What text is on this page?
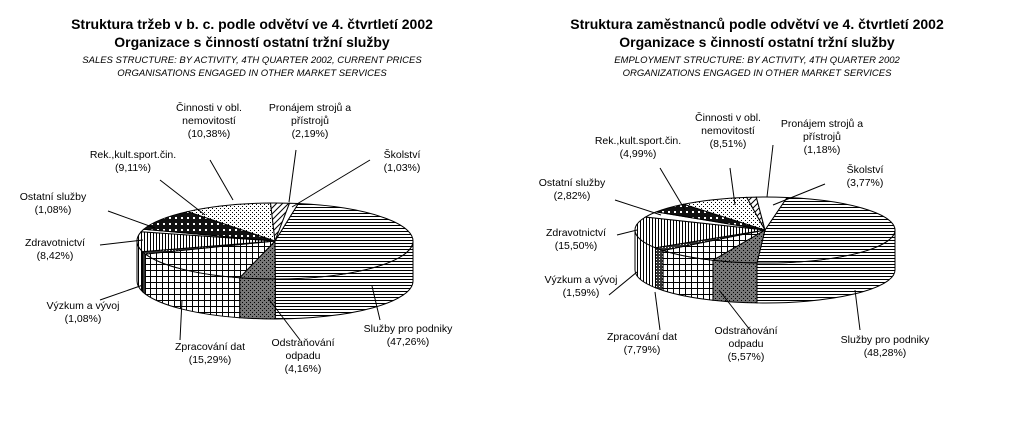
Struktura tržeb v b. c. podle odvětví ve 4. čtvrtletí 2002
Organizace s činností ostatní tržní služby
SALES STRUCTURE: BY ACTIVITY, 4TH QUARTER 2002, CURRENT PRICES
ORGANISATIONS ENGAGED IN OTHER MARKET SERVICES
Služby pro podniky
(47,26%)
Odstraňování
odpadu
(4,16%)
Zpracování dat
(15,29%)
Výzkum a vývoj
(1,08%)
Zdravotnictví
(8,42%)
Ostatní služby
(1,08%)
Rek.,kult.sport.čin.
(9,11%)
Činnosti v obl.
nemovitostí
(10,38%)
Pronájem strojů a
přístrojů
(2,19%)
Školství
(1,03%)
Struktura zaměstnanců podle odvětví ve 4. čtvrtletí 2002
Organizace s činností ostatní tržní služby
EMPLOYMENT STRUCTURE: BY ACTIVITY, 4TH QUARTER 2002
ORGANIZATIONS ENGAGED IN OTHER MARKET SERVICES
Služby pro podniky
(48,28%)
Odstraňování
odpadu
(5,57%)
Zpracování dat
(7,79%)
Výzkum a vývoj
(1,59%)
Zdravotnictví
(15,50%)
Ostatní služby
(2,82%)
Rek.,kult.sport.čin.
(4,99%)
Činnosti v obl.
nemovitostí
(8,51%)
Pronájem strojů a
přístrojů
(1,18%)
Školství
(3,77%)
